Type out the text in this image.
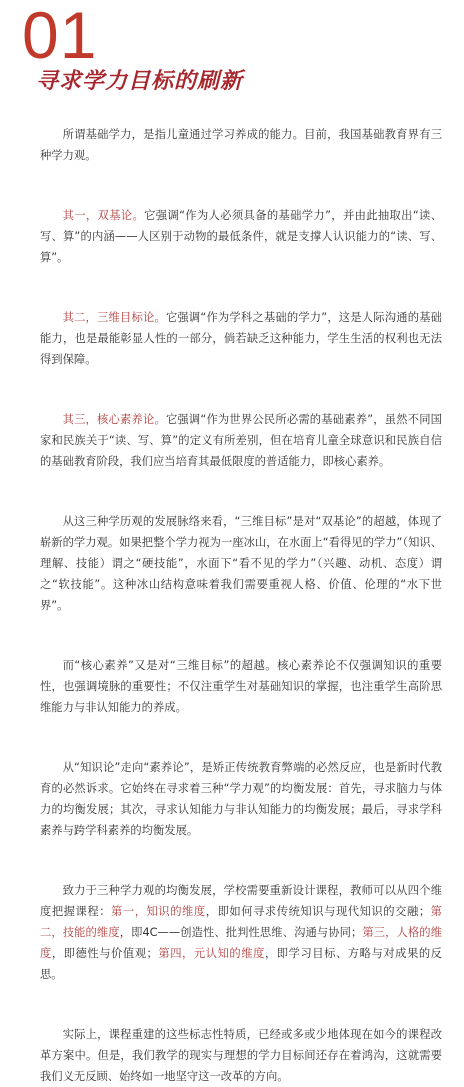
01
寻求学力目标的刷新

所谓基础学力，是指儿童通过学习养成的能力。目前，我国基础教育界有三种学力观。

其一，双基论。它强调“作为人必须具备的基础学力”，并由此抽取出“读、写、算”的内涵——人区别于动物的最低条件，就是支撑人认识能力的“读、写、算”。

其二，三维目标论。它强调“作为学科之基础的学力”，这是人际沟通的基础能力，也是最能彰显人性的一部分，倘若缺乏这种能力，学生生活的权利也无法得到保障。

其三，核心素养论。它强调“作为世界公民所必需的基础素养”，虽然不同国家和民族关于“读、写、算”的定义有所差别，但在培育儿童全球意识和民族自信的基础教育阶段，我们应当培育其最低限度的普适能力，即核心素养。

从这三种学历观的发展脉络来看，“三维目标”是对“双基论”的超越，体现了崭新的学力观。如果把整个学力视为一座冰山，在水面上“看得见的学力”（知识、理解、技能）谓之“硬技能”，水面下“看不见的学力”（兴趣、动机、态度）谓之“软技能”。这种冰山结构意味着我们需要重视人格、价值、伦理的“水下世界”。

而“核心素养”又是对“三维目标”的超越。核心素养论不仅强调知识的重要性，也强调境脉的重要性；不仅注重学生对基础知识的掌握，也注重学生高阶思维能力与非认知能力的养成。

从“知识论”走向“素养论”，是矫正传统教育弊端的必然反应，也是新时代教育的必然诉求。它始终在寻求着三种“学力观”的均衡发展：首先，寻求脑力与体力的均衡发展；其次，寻求认知能力与非认知能力的均衡发展；最后，寻求学科素养与跨学科素养的均衡发展。

致力于三种学力观的均衡发展，学校需要重新设计课程，教师可以从四个维度把握课程：第一，知识的维度，即如何寻求传统知识与现代知识的交融；第二，技能的维度，即4C——创造性、批判性思维、沟通与协同；第三，人格的维度，即德性与价值观；第四，元认知的维度，即学习目标、方略与对成果的反思。

实际上，课程重建的这些标志性特质，已经或多或少地体现在如今的课程改革方案中。但是，我们教学的现实与理想的学力目标间还存在着鸿沟，这就需要我们义无反顾、始终如一地坚守这一改革的方向。
